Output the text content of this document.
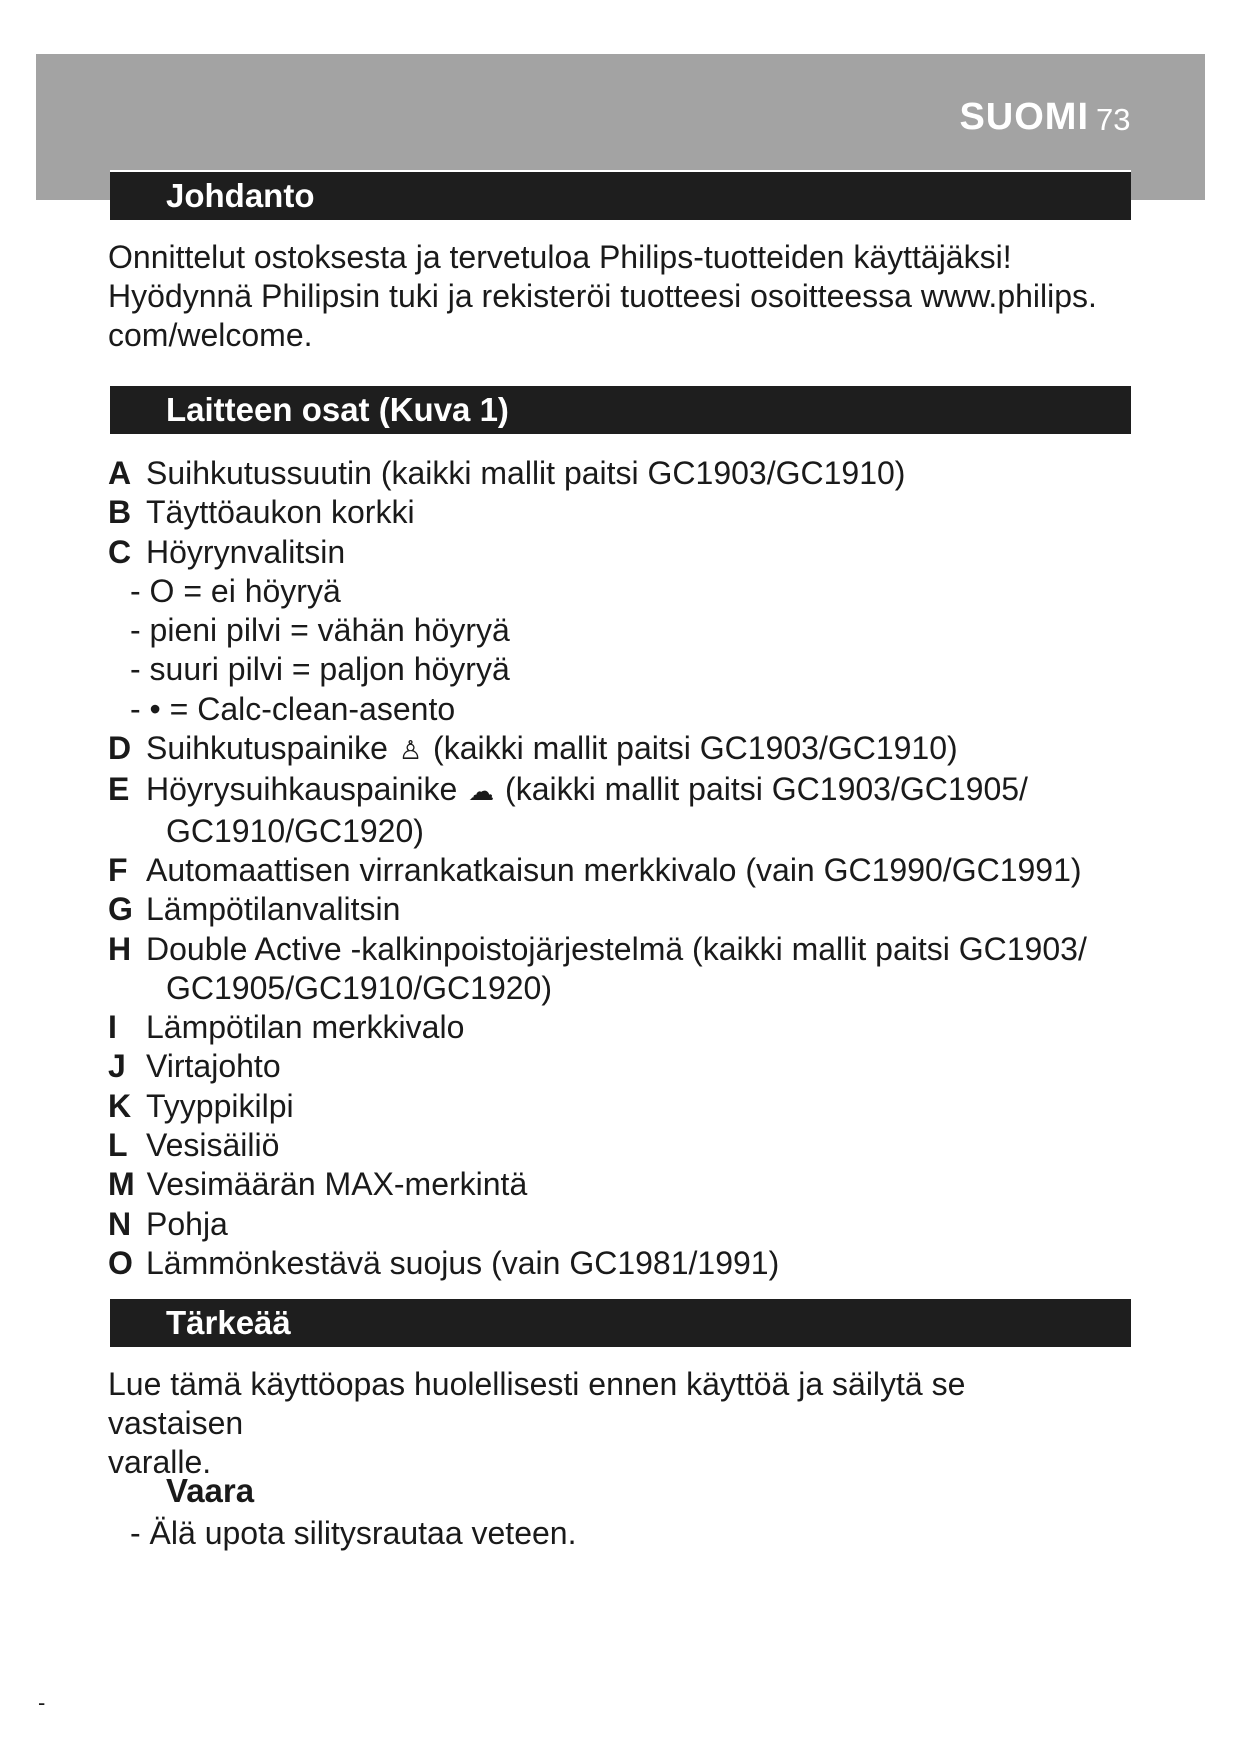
SUOMI 73
Johdanto
Onnittelut ostoksesta ja tervetuloa Philips-tuotteiden käyttäjäksi!
Hyödynnä Philipsin tuki ja rekisteröi tuotteesi osoitteessa www.philips.
com/welcome.
Laitteen osat (Kuva 1)
A Suihkutussuutin (kaikki mallit paitsi GC1903/GC1910)
B Täyttöaukon korkki
C Höyrynvalitsin
- O = ei höyryä
- pieni pilvi = vähän höyryä
- suuri pilvi = paljon höyryä
- • = Calc-clean-asento
D Suihkutuspainike ♙ (kaikki mallit paitsi GC1903/GC1910)
E Höyrysuihkauspainike ☁ (kaikki mallit paitsi GC1903/GC1905/
GC1910/GC1920)
F Automaattisen virrankatkaisun merkkivalo (vain GC1990/GC1991)
G Lämpötilanvalitsin
H Double Active -kalkinpoistojärjestelmä (kaikki mallit paitsi GC1903/
GC1905/GC1910/GC1920)
I Lämpötilan merkkivalo
J Virtajohto
K Tyyppikilpi
L Vesisäiliö
M Vesimäärän MAX-merkintä
N Pohja
O Lämmönkestävä suojus (vain GC1981/1991)
Tärkeää
Lue tämä käyttöopas huolellisesti ennen käyttöä ja säilytä se vastaisen
varalle.
Vaara
- Älä upota silitysrautaa veteen.
-
